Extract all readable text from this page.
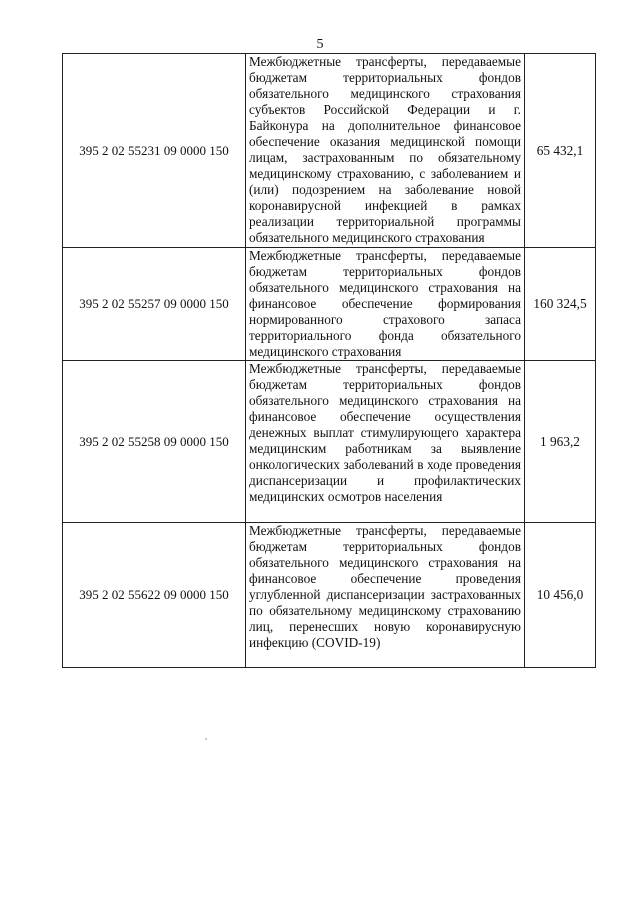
5
395 2 02 55231 09 0000 150	Межбюджетные трансферты, передаваемые бюджетам территориальных фондов обязательного медицинского страхования субъектов Российской Федерации и г. Байконура на дополнительное финансовое обеспечение оказания медицинской помощи лицам, застрахованным по обязательному медицинскому страхованию, с заболеванием и (или) подозрением на заболевание новой коронавирусной инфекцией в рамках реализации территориальной программы обязательного медицинского страхования	65 432,1
395 2 02 55257 09 0000 150	Межбюджетные трансферты, передаваемые бюджетам территориальных фондов обязательного медицинского страхования на финансовое обеспечение формирования нормированного страхового запаса территориального фонда обязательного медицинского страхования	160 324,5
395 2 02 55258 09 0000 150	Межбюджетные трансферты, передаваемые бюджетам территориальных фондов обязательного медицинского страхования на финансовое обеспечение осуществления денежных выплат стимулирующего характера медицинским работникам за выявление онкологических заболеваний в ходе проведения диспансеризации и профилактических медицинских осмотров населения	1 963,2
395 2 02 55622 09 0000 150	Межбюджетные трансферты, передаваемые бюджетам территориальных фондов обязательного медицинского страхования на финансовое обеспечение проведения углубленной диспансеризации застрахованных по обязательному медицинскому страхованию лиц, перенесших новую коронавирусную инфекцию (COVID-19)	10 456,0
